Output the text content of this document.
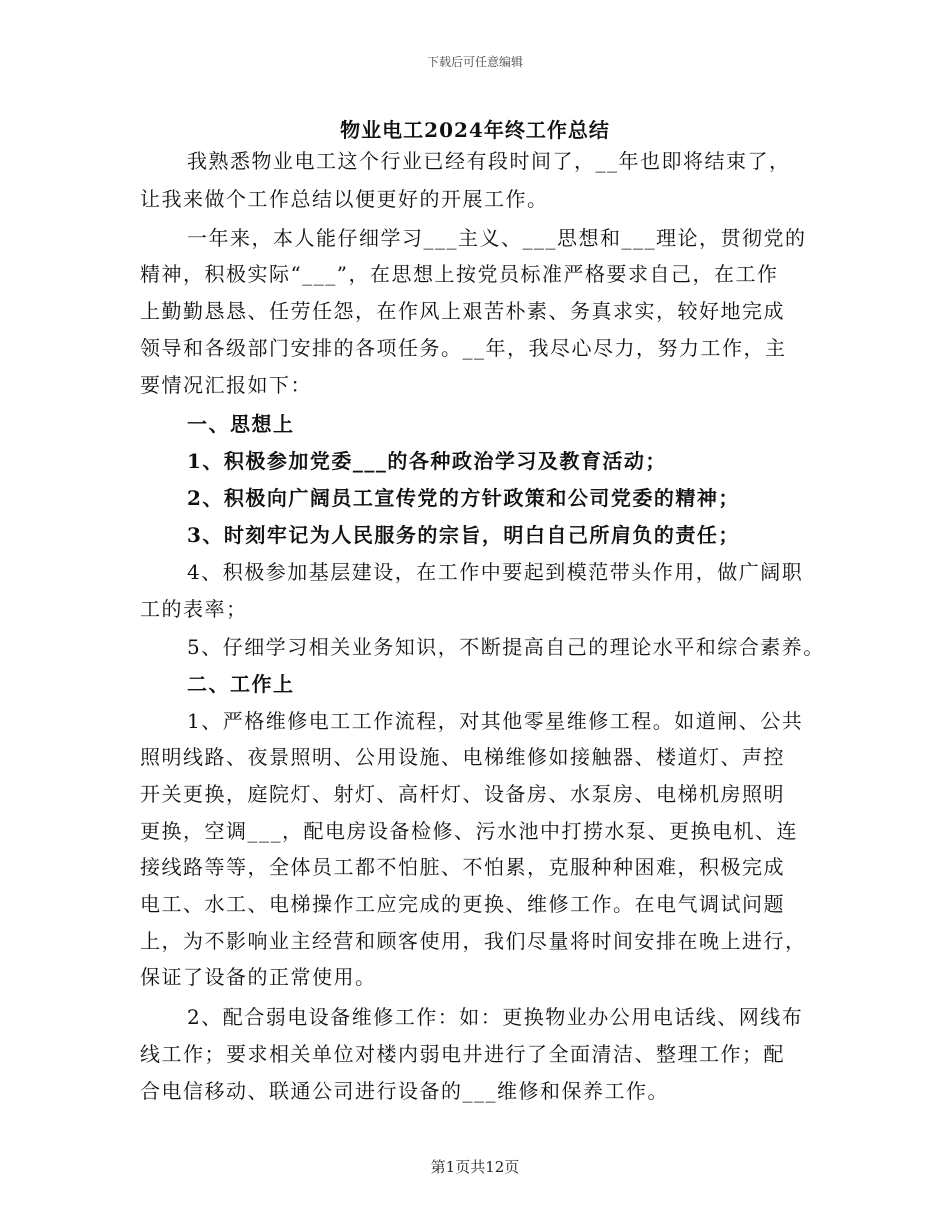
下载后可任意编辑
物业电工2024年终工作总结
我熟悉物业电工这个行业已经有段时间了，__年也即将结束了，
让我来做个工作总结以便更好的开展工作。
一年来，本人能仔细学习___主义、___思想和___理论，贯彻党的
精神，积极实际“___”，在思想上按党员标准严格要求自己，在工作
上勤勤恳恳、任劳任怨，在作风上艰苦朴素、务真求实，较好地完成
领导和各级部门安排的各项任务。__年，我尽心尽力，努力工作，主
要情况汇报如下：
一、思想上
1、积极参加党委___的各种政治学习及教育活动；
2、积极向广阔员工宣传党的方针政策和公司党委的精神；
3、时刻牢记为人民服务的宗旨，明白自己所肩负的责任；
4、积极参加基层建设，在工作中要起到模范带头作用，做广阔职
工的表率；
5、仔细学习相关业务知识，不断提高自己的理论水平和综合素养。
二、工作上
1、严格维修电工工作流程，对其他零星维修工程。如道闸、公共
照明线路、夜景照明、公用设施、电梯维修如接触器、楼道灯、声控
开关更换，庭院灯、射灯、高杆灯、设备房、水泵房、电梯机房照明
更换，空调___，配电房设备检修、污水池中打捞水泵、更换电机、连
接线路等等，全体员工都不怕脏、不怕累，克服种种困难，积极完成
电工、水工、电梯操作工应完成的更换、维修工作。在电气调试问题
上，为不影响业主经营和顾客使用，我们尽量将时间安排在晚上进行，
保证了设备的正常使用。
2、配合弱电设备维修工作：如：更换物业办公用电话线、网线布
线工作；要求相关单位对楼内弱电井进行了全面清洁、整理工作；配
合电信移动、联通公司进行设备的___维修和保养工作。
第1页共12页
